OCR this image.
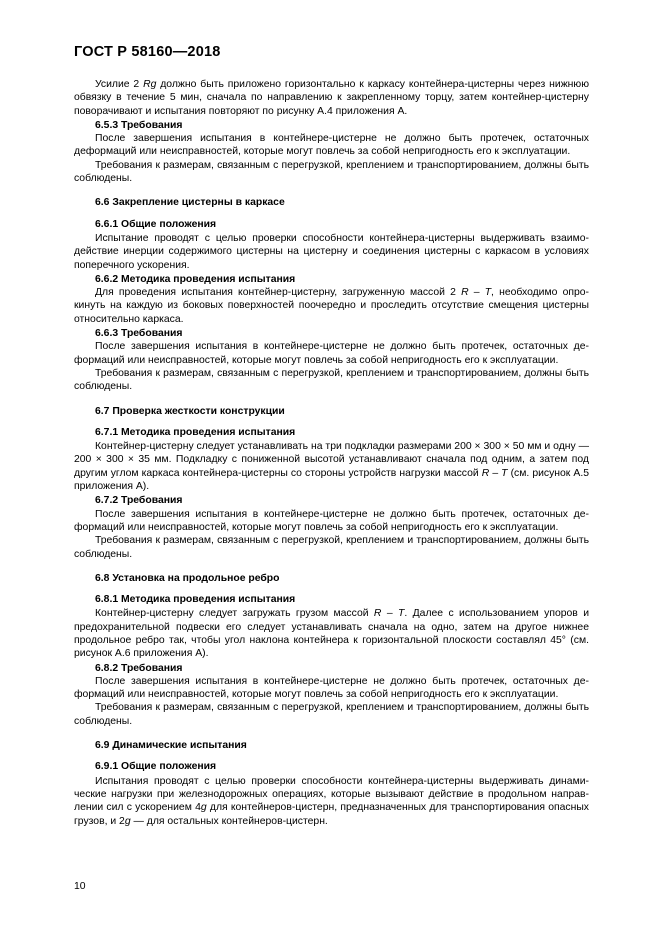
ГОСТ Р 58160—2018

Усилие 2 Rg должно быть приложено горизонтально к каркасу контейнера-цистерны через нижнюю обвязку в течение 5 мин, сначала по направлению к закрепленному торцу, затем контейнер-цистерну поворачивают и испытания повторяют по рисунку А.4 приложения А.

6.5.3 Требования

После завершения испытания в контейнере-цистерне не должно быть протечек, остаточных деформаций или неисправностей, которые могут повлечь за собой непригодность его к эксплуатации.

Требования к размерам, связанным с перегрузкой, креплением и транспортированием, должны быть соблюдены.

6.6 Закрепление цистерны в каркасе

6.6.1 Общие положения

Испытание проводят с целью проверки способности контейнера-цистерны выдерживать взаимодействие инерции содержимого цистерны на цистерну и соединения цистерны с каркасом в условиях поперечного ускорения.

6.6.2 Методика проведения испытания

Для проведения испытания контейнер-цистерну, загруженную массой 2 R – T, необходимо опрокинуть на каждую из боковых поверхностей поочередно и проследить отсутствие смещения цистерны относительно каркаса.

6.6.3 Требования

После завершения испытания в контейнере-цистерне не должно быть протечек, остаточных деформаций или неисправностей, которые могут повлечь за собой непригодность его к эксплуатации.

Требования к размерам, связанным с перегрузкой, креплением и транспортированием, должны быть соблюдены.

6.7 Проверка жесткости конструкции

6.7.1 Методика проведения испытания

Контейнер-цистерну следует устанавливать на три подкладки размерами 200 × 300 × 50 мм и одну — 200 × 300 × 35 мм. Подкладку с пониженной высотой устанавливают сначала под одним, а затем под другим углом каркаса контейнера-цистерны со стороны устройств нагрузки массой R – T (см. рисунок А.5 приложения А).

6.7.2 Требования

После завершения испытания в контейнере-цистерне не должно быть протечек, остаточных деформаций или неисправностей, которые могут повлечь за собой непригодность его к эксплуатации.

Требования к размерам, связанным с перегрузкой, креплением и транспортированием, должны быть соблюдены.

6.8 Установка на продольное ребро

6.8.1 Методика проведения испытания

Контейнер-цистерну следует загружать грузом массой R – T. Далее с использованием упоров и предохранительной подвески его следует устанавливать сначала на одно, затем на другое нижнее продольное ребро так, чтобы угол наклона контейнера к горизонтальной плоскости составлял 45° (см. рисунок А.6 приложения А).

6.8.2 Требования

После завершения испытания в контейнере-цистерне не должно быть протечек, остаточных деформаций или неисправностей, которые могут повлечь за собой непригодность его к эксплуатации.

Требования к размерам, связанным с перегрузкой, креплением и транспортированием, должны быть соблюдены.

6.9 Динамические испытания

6.9.1 Общие положения

Испытания проводят с целью проверки способности контейнера-цистерны выдерживать динамические нагрузки при железнодорожных операциях, которые вызывают действие в продольном направлении сил с ускорением 4g для контейнеров-цистерн, предназначенных для транспортирования опасных грузов, и 2g — для остальных контейнеров-цистерн.

10
